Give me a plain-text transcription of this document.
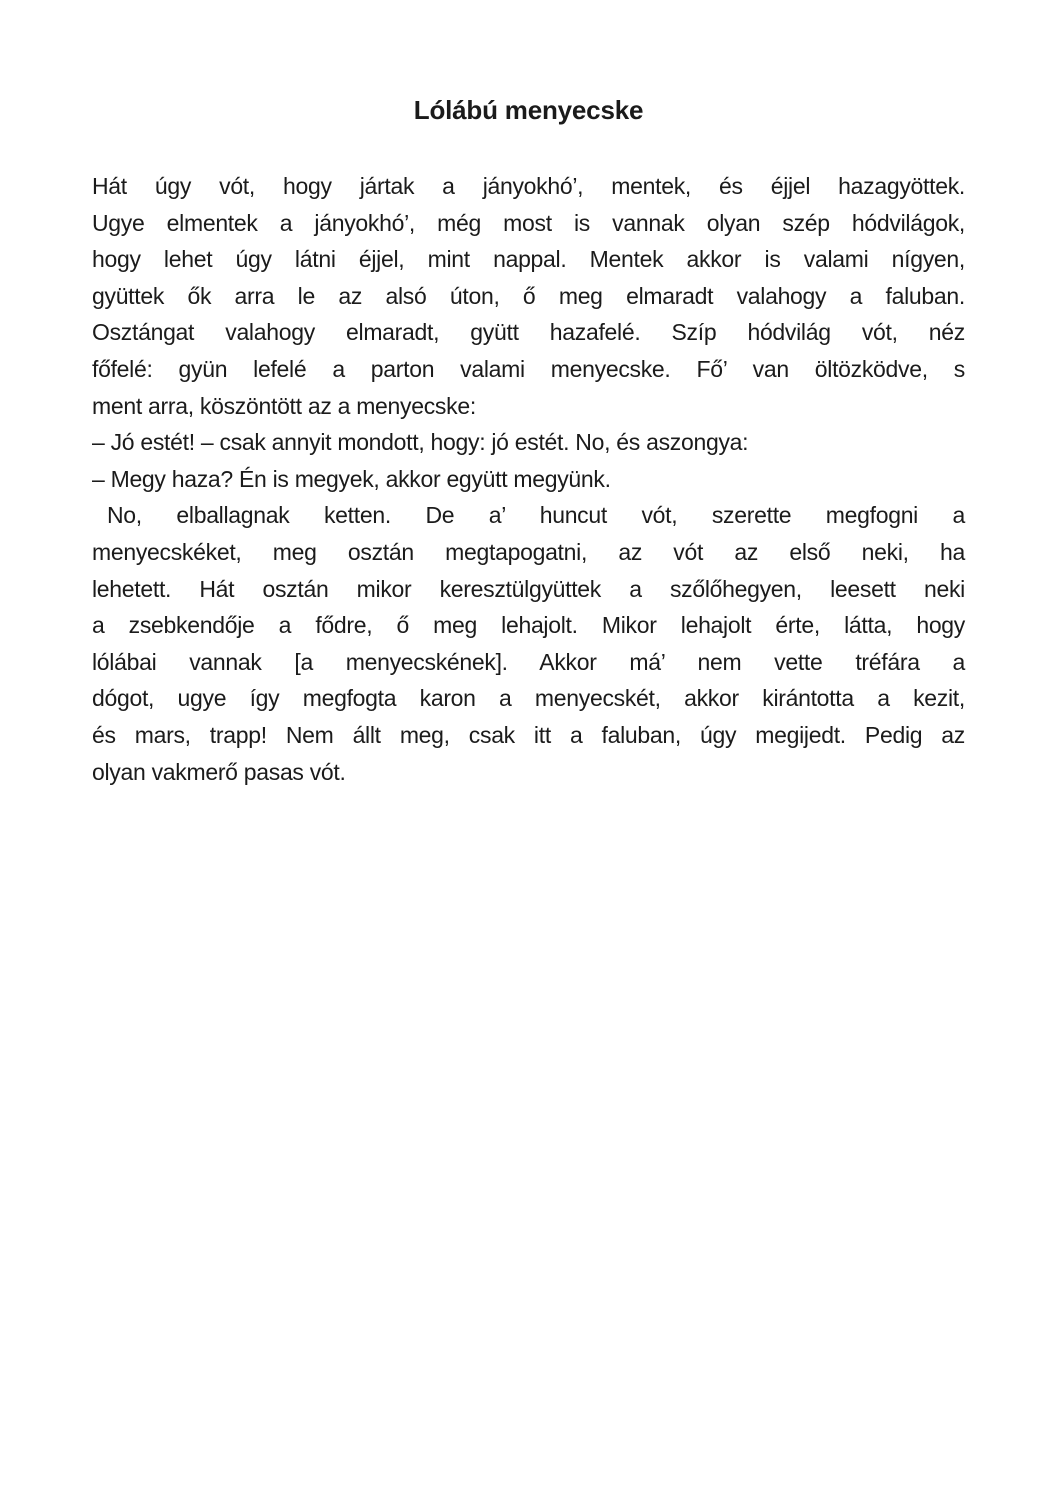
Lólábú menyecske
Hát úgy vót, hogy jártak a jányokhó’, mentek, és éjjel hazagyöttek.
Ugye elmentek a jányokhó’, még most is vannak olyan szép hódvilágok,
hogy lehet úgy látni éjjel, mint nappal. Mentek akkor is valami nígyen,
gyüttek ők arra le az alsó úton, ő meg elmaradt valahogy a faluban.
Osztángat valahogy elmaradt, gyütt hazafelé. Szíp hódvilág vót, néz
főfelé: gyün lefelé a parton valami menyecske. Fő’ van öltözködve, s
ment arra, köszöntött az a menyecske:
– Jó estét! – csak annyit mondott, hogy: jó estét. No, és aszongya:
– Megy haza? Én is megyek, akkor együtt megyünk.
No, elballagnak ketten. De a’ huncut vót, szerette megfogni a
menyecskéket, meg osztán megtapogatni, az vót az első neki, ha
lehetett. Hát osztán mikor keresztülgyüttek a szőlőhegyen, leesett neki
a zsebkendője a fődre, ő meg lehajolt. Mikor lehajolt érte, látta, hogy
lólábai vannak [a menyecskének]. Akkor má’ nem vette tréfára a
dógot, ugye így megfogta karon a menyecskét, akkor kirántotta a kezit,
és mars, trapp! Nem állt meg, csak itt a faluban, úgy megijedt. Pedig az
olyan vakmerő pasas vót.
